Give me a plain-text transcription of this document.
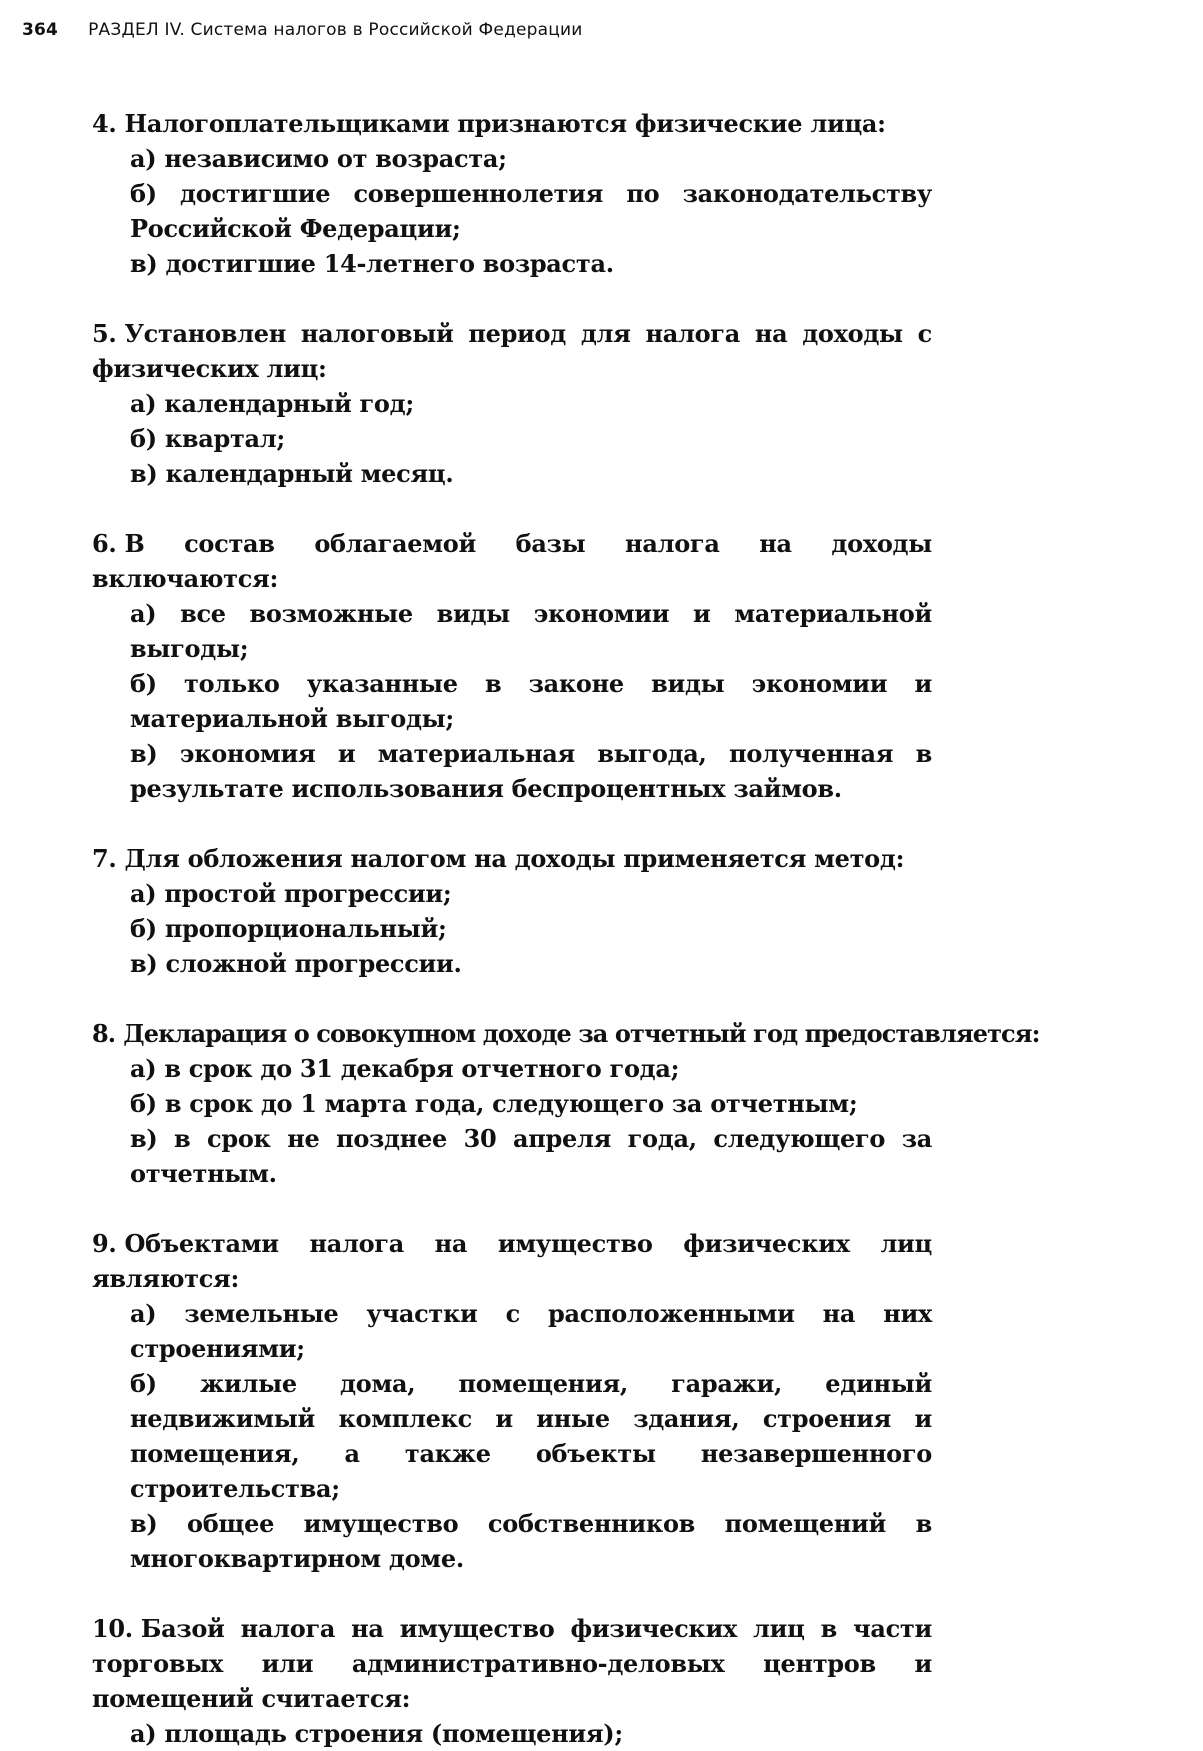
364 РАЗДЕЛ IV. Система налогов в Российской Федерации
4. Налогоплательщиками признаются физические лица:
а) независимо от возраста;
б) достигшие совершеннолетия по законодательству Российской Федерации;
в) достигшие 14-летнего возраста.
5. Установлен налоговый период для налога на доходы с физических лиц:
а) календарный год;
б) квартал;
в) календарный месяц.
6. В состав облагаемой базы налога на доходы включаются:
а) все возможные виды экономии и материальной выгоды;
б) только указанные в законе виды экономии и материальной выгоды;
в) экономия и материальная выгода, полученная в результате использования беспроцентных займов.
7. Для обложения налогом на доходы применяется метод:
а) простой прогрессии;
б) пропорциональный;
в) сложной прогрессии.
8. Декларация о совокупном доходе за отчетный год предоставляется:
а) в срок до 31 декабря отчетного года;
б) в срок до 1 марта года, следующего за отчетным;
в) в срок не позднее 30 апреля года, следующего за отчетным.
9. Объектами налога на имущество физических лиц являются:
а) земельные участки с расположенными на них строениями;
б) жилые дома, помещения, гаражи, единый недвижимый комплекс и иные здания, строения и помещения, а также объекты незавершенного строительства;
в) общее имущество собственников помещений в многоквартирном доме.
10. Базой налога на имущество физических лиц в части торговых или административно-деловых центров и помещений считается:
а) площадь строения (помещения);
